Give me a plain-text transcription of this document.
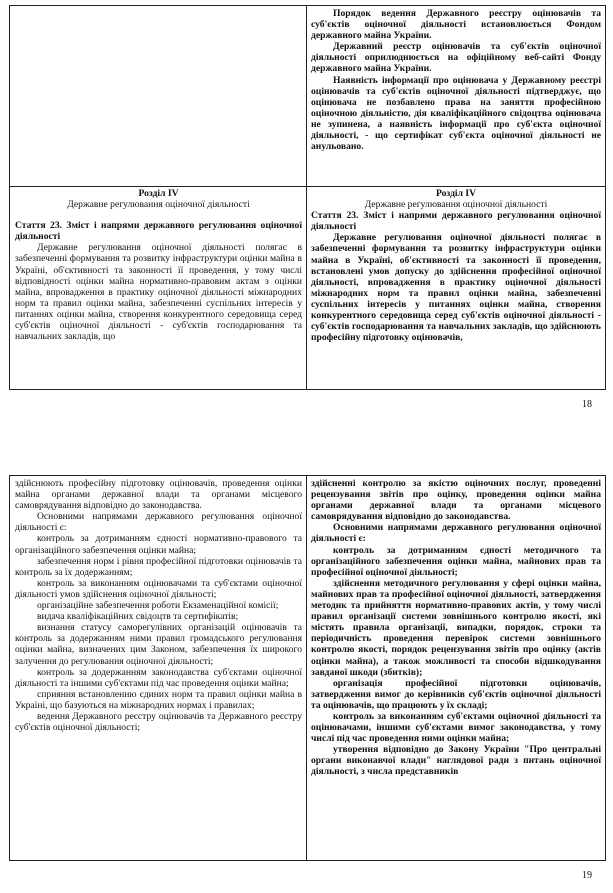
Порядок ведення Державного реєстру оцінювачів та суб'єктів оціночної діяльності встановлюється Фондом державного майна України.

Державний реєстр оцінювачів та суб'єктів оціночної діяльності оприлюднюється на офіційному веб-сайті Фонду державного майна України.

Наявність інформації про оцінювача у Державному реєстрі оцінювачів та суб'єктів оціночної діяльності підтверджує, що оцінювача не позбавлено права на заняття професійною оціночною діяльністю, дія кваліфікаційного свідоцтва оцінювача не зупинена, а наявність інформації про суб'єкта оціночної діяльності, - що сертифікат суб'єкта оціночної діяльності не анульовано.

Розділ IV

Державне регулювання оціночної діяльності

Стаття 23. Зміст і напрями державного регулювання оціночної діяльності

Державне регулювання оціночної діяльності полягає в забезпеченні формування та розвитку інфраструктури оцінки майна в Україні, об'єктивності та законності її проведення, у тому числі відповідності оцінки майна нормативно-правовим актам з оцінки майна, впровадження в практику оціночної діяльності міжнародних норм та правил оцінки майна, забезпеченні суспільних інтересів у питаннях оцінки майна, створення конкурентного середовища серед суб'єктів оціночної діяльності - суб'єктів господарювання та навчальних закладів, що

Розділ IV

Державне регулювання оціночної діяльності

Стаття 23. Зміст і напрями державного регулювання оціночної діяльності

Державне регулювання оціночної діяльності полягає в забезпеченні формування та розвитку інфраструктури оцінки майна в Україні, об'єктивності та законності її проведення, встановлені умов допуску до здійснення професійної оціночної діяльності, впровадження в практику оціночної діяльності міжнародних норм та правил оцінки майна, забезпеченні суспільних інтересів у питаннях оцінки майна, створення конкурентного середовища серед суб'єктів оціночної діяльності - суб'єктів господарювання та навчальних закладів, що здійснюють професійну підготовку оцінювачів,

18

здійснюють професійну підготовку оцінювачів, проведення оцінки майна органами державної влади та органами місцевого самоврядування відповідно до законодавства.

Основними напрямами державного регулювання оціночної діяльності є:

контроль за дотриманням єдності нормативно-правового та організаційного забезпечення оцінки майна;

забезпечення норм і рівня професійної підготовки оцінювачів та контроль за їх додержанням;

контроль за виконанням оцінювачами та суб'єктами оціночної діяльності умов здійснення оціночної діяльності;

організаційне забезпечення роботи Екзаменаційної комісії;

видача кваліфікаційних свідоцтв та сертифікатів;

визнання статусу саморегулівних організацій оцінювачів та контроль за додержанням ними правил громадського регулювання оцінки майна, визначених цим Законом, забезпечення їх широкого залучення до регулювання оціночної діяльності;

контроль за додержанням законодавства суб'єктами оціночної діяльності та іншими суб'єктами під час проведення оцінки майна;

сприяння встановленню єдиних норм та правил оцінки майна в Україні, що базуються на міжнародних нормах і правилах;

ведення Державного реєстру оцінювачів та Державного реєстру суб'єктів оціночної діяльності;

здійсненні контролю за якістю оціночних послуг, проведенні рецензування звітів про оцінку, проведення оцінки майна органами державної влади та органами місцевого самоврядування відповідно до законодавства.

Основними напрямами державного регулювання оціночної діяльності є:

контроль за дотриманням єдності методичного та організаційного забезпечення оцінки майна, майнових прав та професійної оціночної діяльності;

здійснення методичного регулювання у сфері оцінки майна, майнових прав та професійної оціночної діяльності, затвердження методик та прийняття нормативно-правових актів, у тому числі правил організації системи зовнішнього контролю якості, які містять правила організації, випадки, порядок, строки та періодичність проведення перевірок системи зовнішнього контролю якості, порядок рецензування звітів про оцінку (актів оцінки майна), а також можливості та способи відшкодування завданої шкоди (збитків);

організація професійної підготовки оцінювачів, затвердження вимог до керівників суб'єктів оціночної діяльності та оцінювачів, що працюють у їх складі;

контроль за виконанням суб'єктами оціночної діяльності та оцінювачами, іншими суб'єктами вимог законодавства, у тому числі під час проведення ними оцінки майна;

утворення відповідно до Закону України "Про центральні органи виконавчої влади" наглядової ради з питань оціночної діяльності, з числа представників

19
